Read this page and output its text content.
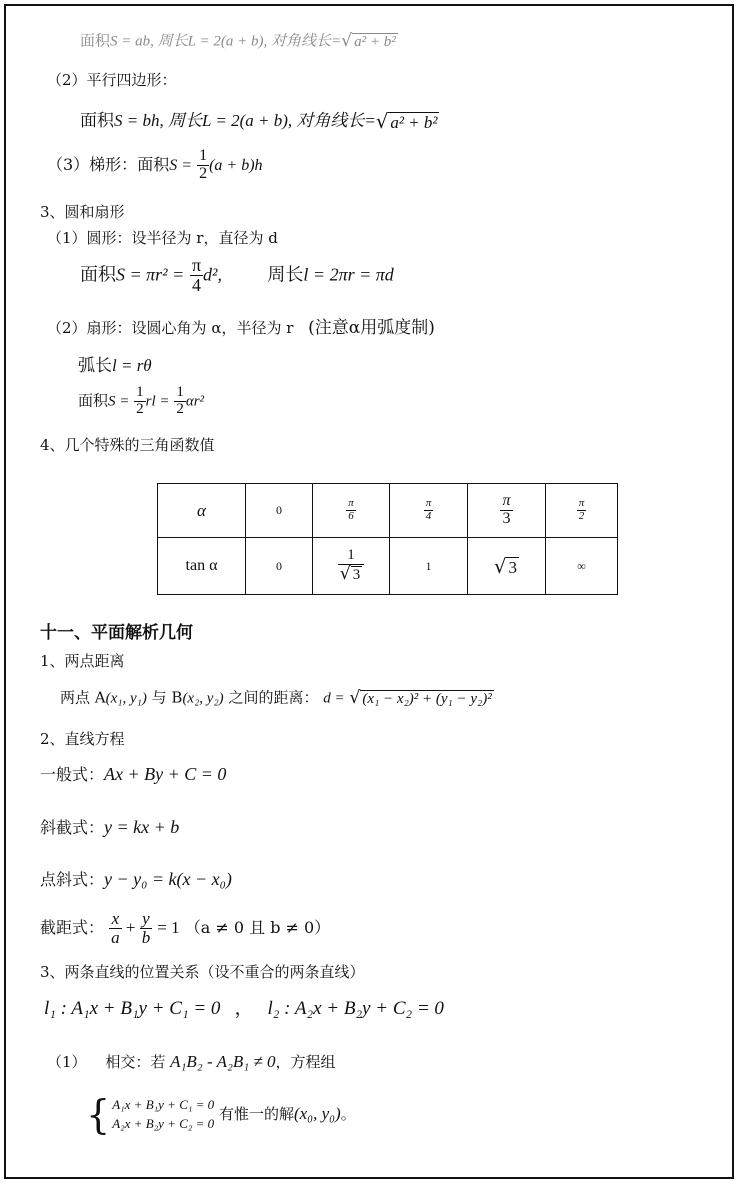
面积S = ab, 周长L = 2(a + b), 对角线长=√ a² + b²
（2）平行四边形：
面积S = bh, 周长L = 2(a + b), 对角线长=√ a² + b²
（3）梯形：面积$S = \frac{1}{2} (a + b)h$
3、圆和扇形
（1）圆形：设半径为 r，直径为 d
面积$S = \pi r^2 = \frac{\pi}{4} d^2$,	周长l = 2πr = πd
（2）扇形：设圆心角为 α，半径为 r (注意α用弧度制)
弧长l = rθ
面积$S = \frac{1}{2}$ rl = $\frac{1}{2} \alpha r^2$
4、几个特殊的三角函数值
α	0	$\frac{\pi}{6}$	$\frac{\pi}{4}$	$\frac{\pi}{3}$	$\frac{\pi}{2}$

tan α	0	$\frac{1}{√ 3}$	1	√ 3	∞
十一、平面解析几何
1、两点距离
两点 A(x₁, y₁) 与 B(x₂, y₂) 之间的距离： d = √ (x₁ − x₂)² + (y₁ − y₂)²
2、直线方程
一般式：Ax + By + C = 0
斜截式：y = kx + b
点斜式：y − y₀ = k(x − x₀)
截距式： $\frac{x}{a} + \frac{y}{b} = 1$ （a ≠ 0 且 b ≠ 0）
3、两条直线的位置关系（设不重合的两条直线）
l₁ : A₁x + B₁y + C₁ = 0 ， l₂ : A₂x + B₂y + C₂ = 0
（1） 相交：若 A₁B₂ - A₂B₁ ≠ 0，方程组
{ A₁x + B₁y + C₁ = 0
A₂x + B₂y + C₂ = 0
有惟一的解(x₀, y₀)。
